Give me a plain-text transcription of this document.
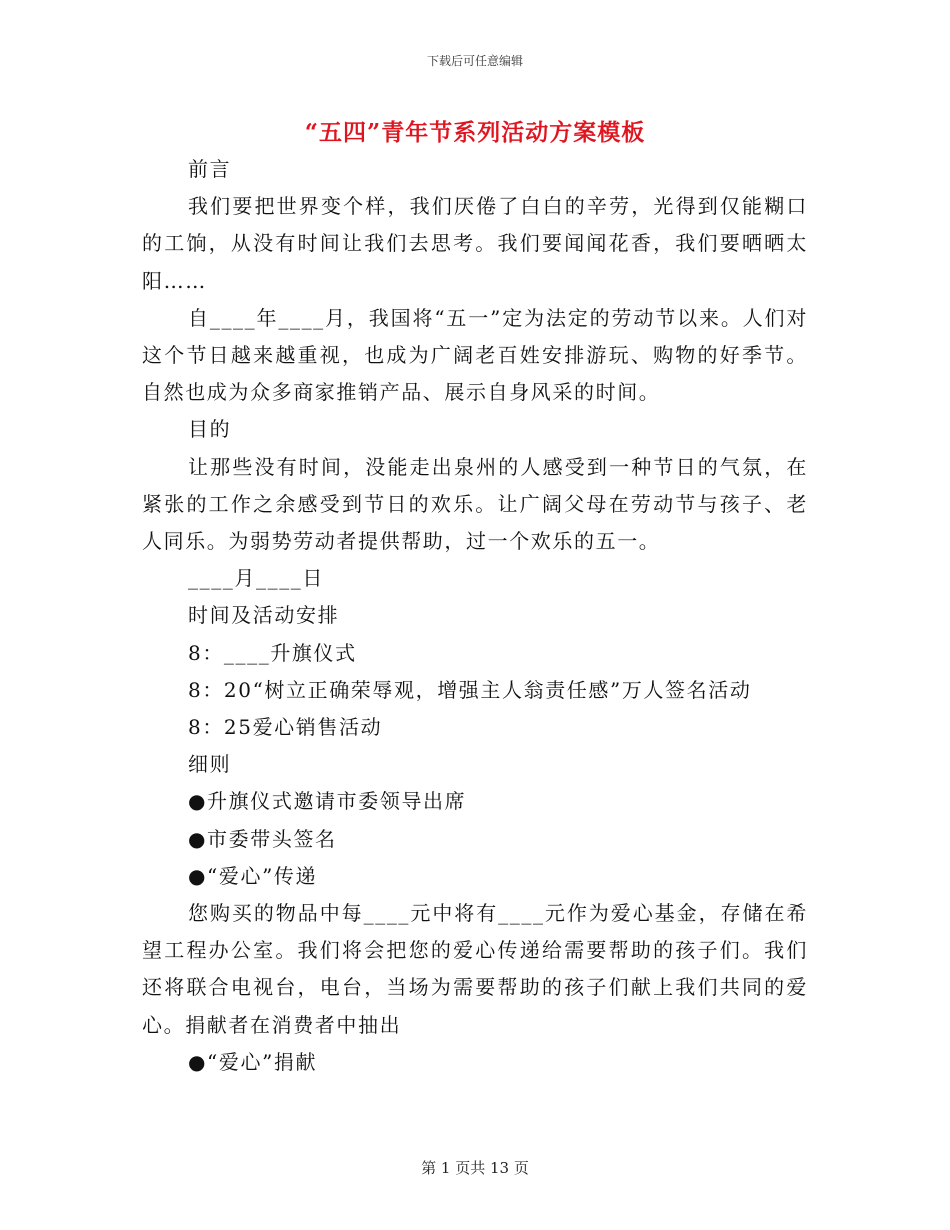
下载后可任意编辑
“五四”青年节系列活动方案模板

前言

我们要把世界变个样，我们厌倦了白白的辛劳，光得到仅能糊口的工饷，从没有时间让我们去思考。我们要闻闻花香，我们要晒晒太阳……

自____年____月，我国将“五一”定为法定的劳动节以来。人们对这个节日越来越重视，也成为广阔老百姓安排游玩、购物的好季节。自然也成为众多商家推销产品、展示自身风采的时间。

目的

让那些没有时间，没能走出泉州的人感受到一种节日的气氛，在紧张的工作之余感受到节日的欢乐。让广阔父母在劳动节与孩子、老人同乐。为弱势劳动者提供帮助，过一个欢乐的五一。

____月____日

时间及活动安排

8：____升旗仪式

8：20“树立正确荣辱观，增强主人翁责任感”万人签名活动

8：25爱心销售活动

细则

●升旗仪式邀请市委领导出席

●市委带头签名

●“爱心”传递

您购买的物品中每____元中将有____元作为爱心基金，存储在希望工程办公室。我们将会把您的爱心传递给需要帮助的孩子们。我们还将联合电视台，电台，当场为需要帮助的孩子们献上我们共同的爱心。捐献者在消费者中抽出

●“爱心”捐献

第 1 页共 13 页
